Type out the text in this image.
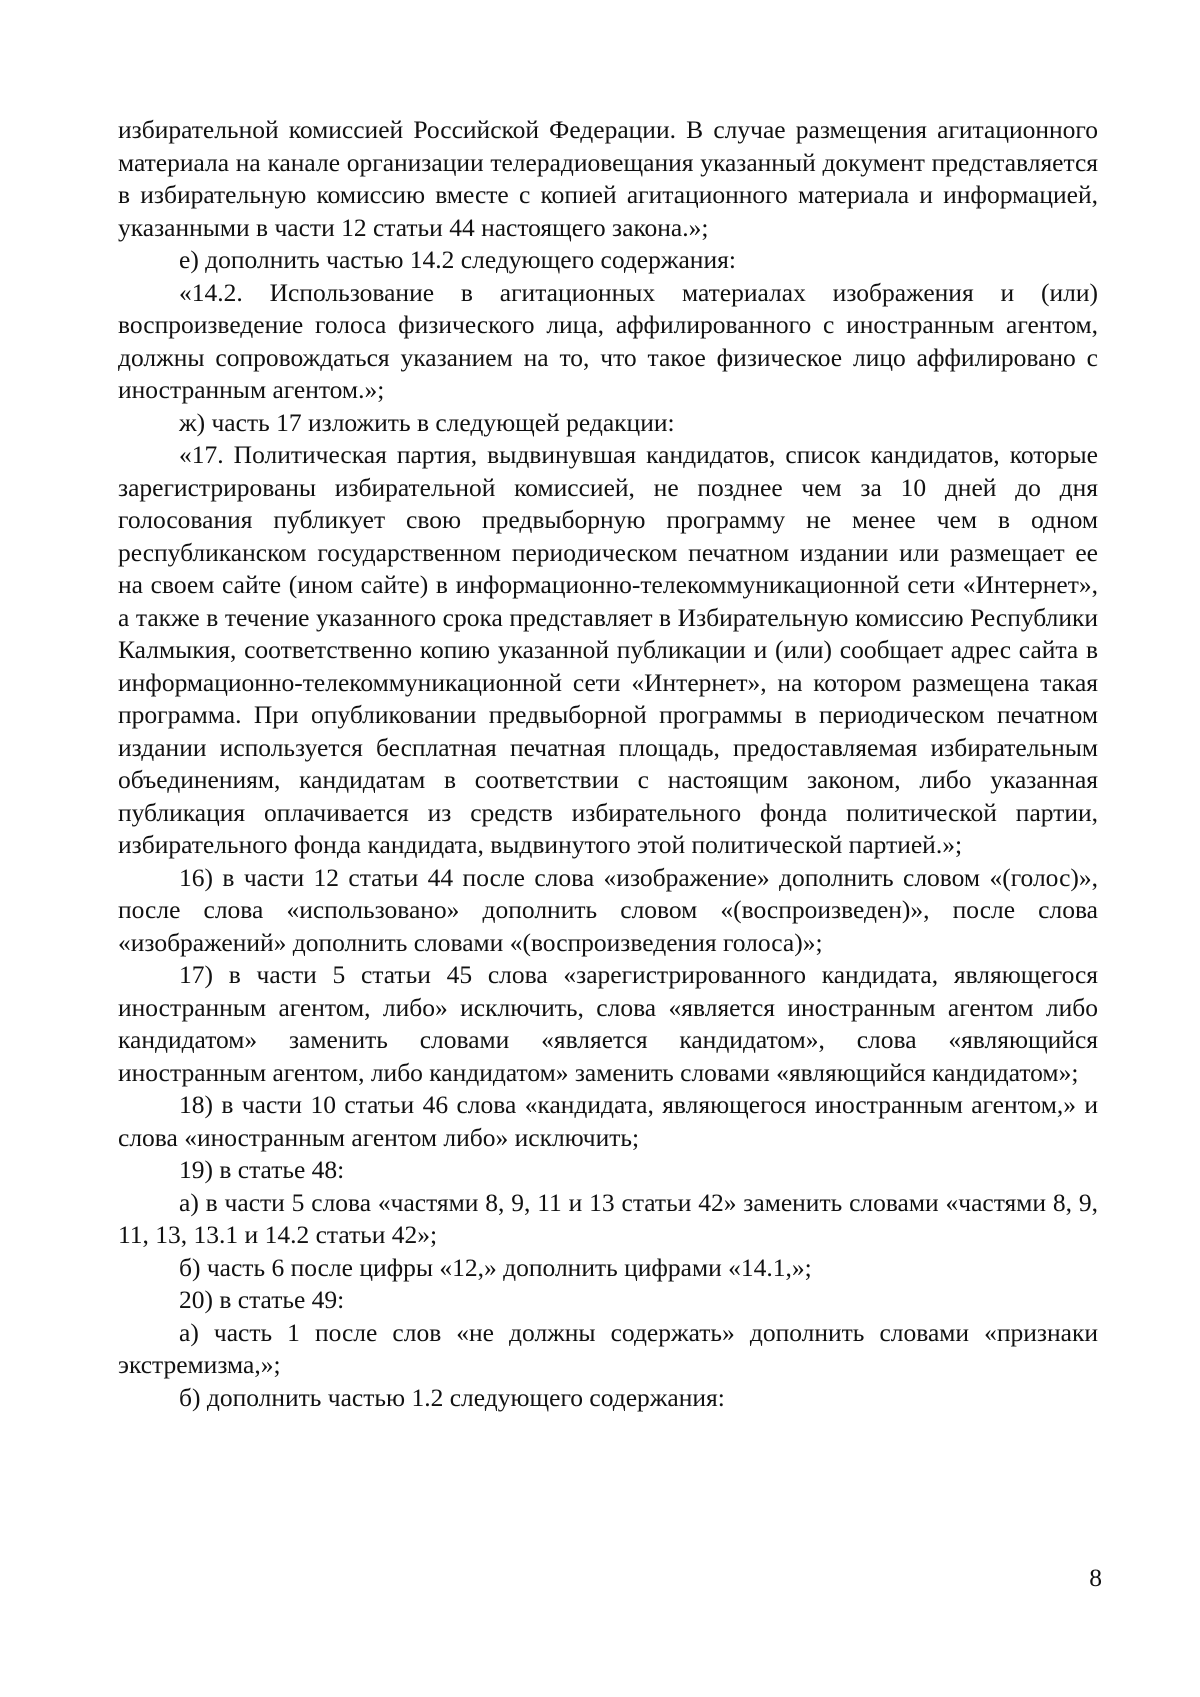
избирательной комиссией Российской Федерации. В случае размещения агитационного материала на канале организации телерадиовещания указанный документ представляется в избирательную комиссию вместе с копией агитационного материала и информацией, указанными в части 12 статьи 44 настоящего закона.»;

е) дополнить частью 14.2 следующего содержания:

«14.2. Использование в агитационных материалах изображения и (или) воспроизведение голоса физического лица, аффилированного с иностранным агентом, должны сопровождаться указанием на то, что такое физическое лицо аффилировано с иностранным агентом.»;

ж) часть 17 изложить в следующей редакции:

«17. Политическая партия, выдвинувшая кандидатов, список кандидатов, которые зарегистрированы избирательной комиссией, не позднее чем за 10 дней до дня голосования публикует свою предвыборную программу не менее чем в одном республиканском государственном периодическом печатном издании или размещает ее на своем сайте (ином сайте) в информационно-телекоммуникационной сети «Интернет», а также в течение указанного срока представляет в Избирательную комиссию Республики Калмыкия, соответственно копию указанной публикации и (или) сообщает адрес сайта в информационно-телекоммуникационной сети «Интернет», на котором размещена такая программа. При опубликовании предвыборной программы в периодическом печатном издании используется бесплатная печатная площадь, предоставляемая избирательным объединениям, кандидатам в соответствии с настоящим законом, либо указанная публикация оплачивается из средств избирательного фонда политической партии, избирательного фонда кандидата, выдвинутого этой политической партией.»;

16) в части 12 статьи 44 после слова «изображение» дополнить словом «(голос)», после слова «использовано» дополнить словом «(воспроизведен)», после слова «изображений» дополнить словами «(воспроизведения голоса)»;

17) в части 5 статьи 45 слова «зарегистрированного кандидата, являющегося иностранным агентом, либо» исключить, слова «является иностранным агентом либо кандидатом» заменить словами «является кандидатом», слова «являющийся иностранным агентом, либо кандидатом» заменить словами «являющийся кандидатом»;

18) в части 10 статьи 46 слова «кандидата, являющегося иностранным агентом,» и слова «иностранным агентом либо» исключить;

19) в статье 48:

а) в части 5 слова «частями 8, 9, 11 и 13 статьи 42» заменить словами «частями 8, 9, 11, 13, 13.1 и 14.2 статьи 42»;

б) часть 6 после цифры «12,» дополнить цифрами «14.1,»;

20) в статье 49:

а) часть 1 после слов «не должны содержать» дополнить словами «признаки экстремизма,»;

б) дополнить частью 1.2 следующего содержания:

8
